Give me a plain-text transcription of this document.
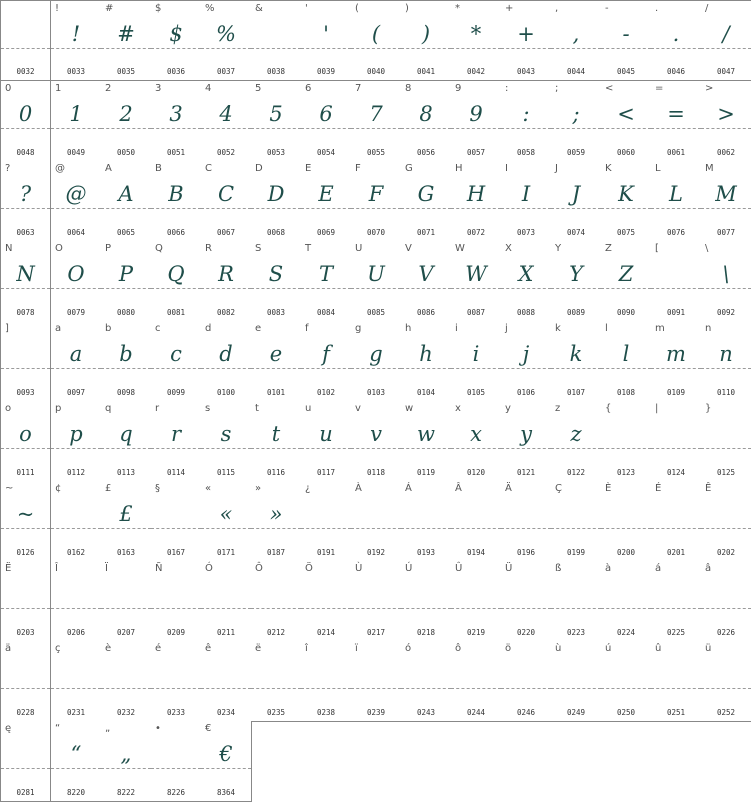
0032
!
!
0033
#
#
0035
$
$
0036
%
%
0037
&
0038
'
'
0039
(
(
0040
)
)
0041
*
*
0042
+
+
0043
,
,
0044
-
-
0045
.
.
0046
/
/
0047
0
0
0048
1
1
0049
2
2
0050
3
3
0051
4
4
0052
5
5
0053
6
6
0054
7
7
0055
8
8
0056
9
9
0057
:
:
0058
;
;
0059
<
<
0060
=
=
0061
>
>
0062
?
?
0063
@
@
0064
A
A
0065
B
B
0066
C
C
0067
D
D
0068
E
E
0069
F
F
0070
G
G
0071
H
H
0072
I
I
0073
J
J
0074
K
K
0075
L
L
0076
M
M
0077
N
N
0078
O
O
0079
P
P
0080
Q
Q
0081
R
R
0082
S
S
0083
T
T
0084
U
U
0085
V
V
0086
W
W
0087
X
X
0088
Y
Y
0089
Z
Z
0090
[
0091
\
\
0092
]
0093
a
a
0097
b
b
0098
c
c
0099
d
d
0100
e
e
0101
f
f
0102
g
g
0103
h
h
0104
i
i
0105
j
j
0106
k
k
0107
l
l
0108
m
m
0109
n
n
0110
o
o
0111
p
p
0112
q
q
0113
r
r
0114
s
s
0115
t
t
0116
u
u
0117
v
v
0118
w
w
0119
x
x
0120
y
y
0121
z
z
0122
{
0123
|
0124
}
0125
~
~
0126
¢
0162
£
£
0163
§
0167
«
«
0171
»
»
0187
¿
0191
À
0192
Á
0193
Â
0194
Ä
0196
Ç
0199
È
0200
É
0201
Ê
0202
Ë
0203
Î
0206
Ï
0207
Ñ
0209
Ó
0211
Ô
0212
Ö
0214
Ù
0217
Ú
0218
Û
0219
Ü
0220
ß
0223
à
0224
á
0225
â
0226
ä
0228
ç
0231
è
0232
é
0233
ê
0234
ë
0235
î
0238
ï
0239
ó
0243
ô
0244
ö
0246
ù
0249
ú
0250
û
0251
ü
0252
ę
0281
“
“
8220
„
„
8222
•
8226
€
€
8364
